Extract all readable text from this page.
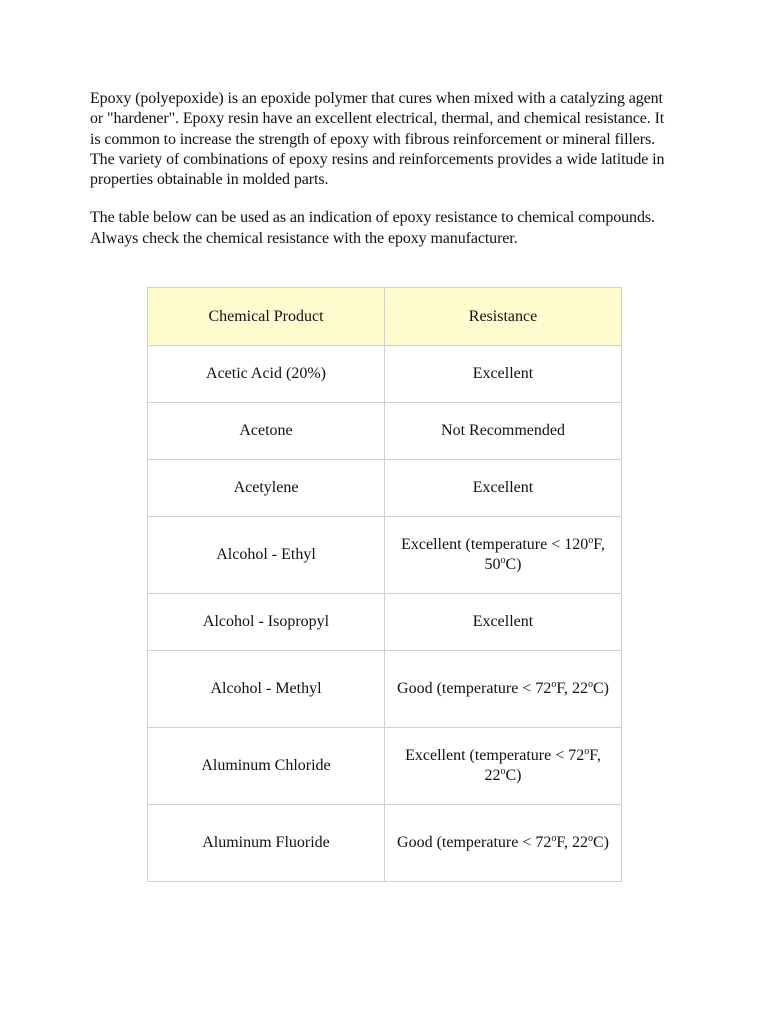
Epoxy (polyepoxide) is an epoxide polymer that cures when mixed with a catalyzing agent or "hardener". Epoxy resin have an excellent electrical, thermal, and chemical resistance. It is common to increase the strength of epoxy with fibrous reinforcement or mineral fillers. The variety of combinations of epoxy resins and reinforcements provides a wide latitude in properties obtainable in molded parts.

The table below can be used as an indication of epoxy resistance to chemical compounds. Always check the chemical resistance with the epoxy manufacturer.

Chemical Product	Resistance
Acetic Acid (20%)	Excellent
Acetone	Not Recommended
Acetylene	Excellent
Alcohol - Ethyl	Excellent (temperature < $120^oF$, 50$^o$C)
Alcohol - Isopropyl	Excellent
Alcohol - Methyl	Good (temperature < $72^oF$, 22$^o$C)
Aluminum Chloride	Excellent (temperature < $72^oF$, 22$^o$C)
Aluminum Fluoride	Good (temperature < $72^oF$, 22$^o$C)
